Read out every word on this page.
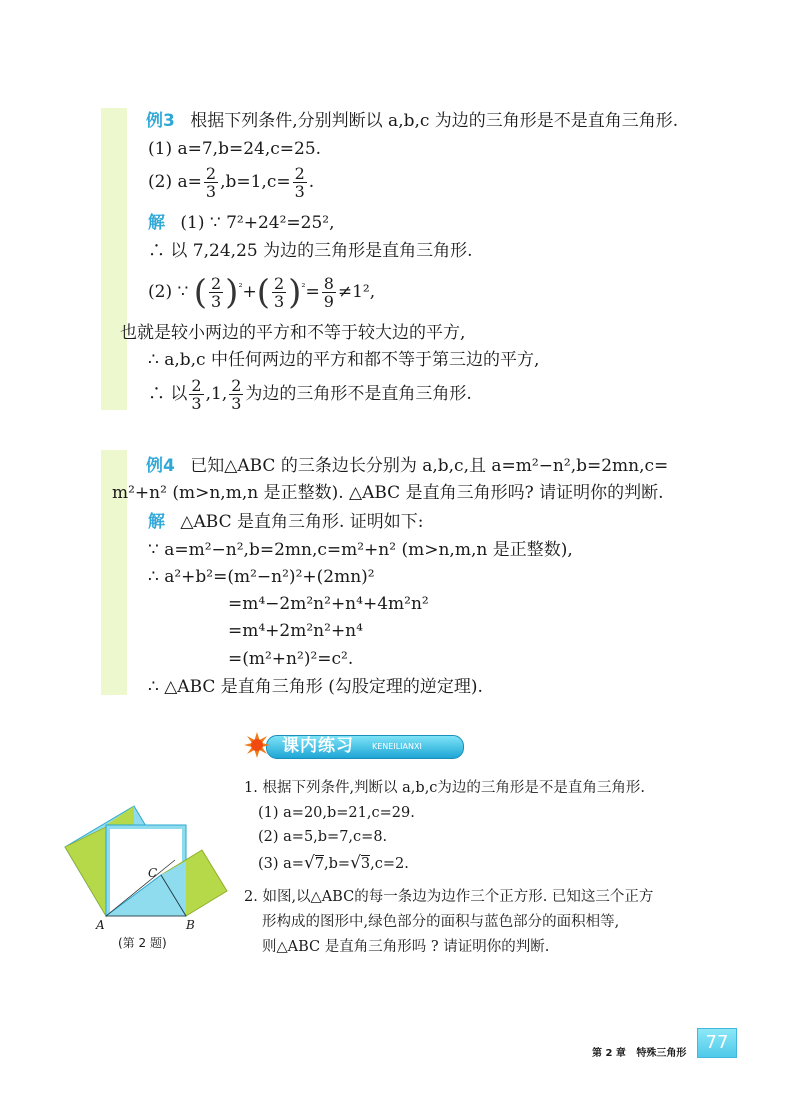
例3 根据下列条件,分别判断以 a,b,c 为边的三角形是不是直角三角形.
(1) a=7,b=24,c=25.
(2) $a= \frac{2}{3} ,b=1,c= \frac{2}{3}$ .
解 (1) ∵ 7²+24²=25²,
∴ 以 7,24,25 为边的三角形是直角三角形.
(2) ∵ ( $\frac{2}{3} )^{^2}+( \frac{2}{3} )^{^2}= \frac{8}{9} \ne 1^2$,
也就是较小两边的平方和不等于较大边的平方,
∴ a,b,c 中任何两边的平方和都不等于第三边的平方,
∴ 以 $\frac{2}{3} ,1$, $\frac{2}{3}$ 为边的三角形不是直角三角形.
例4 已知△ABC 的三条边长分别为 a,b,c,且 a=m²−n²,b=2mn,c=
m²+n² (m>n,m,n 是正整数). △ABC 是直角三角形吗? 请证明你的判断.
解 △ABC 是直角三角形. 证明如下:
∵ a=m²−n²,b=2mn,c=m²+n² (m>n,m,n 是正整数),
∴ a²+b²=(m²−n²)²+(2mn)²
=m⁴−2m²n²+n⁴+4m²n²
=m⁴+2m²n²+n⁴
=(m²+n²)²=c².
∴ △ABC 是直角三角形 (勾股定理的逆定理).
课内练习 KENEILIANXI
1. 根据下列条件,判断以 a,b,c为边的三角形是不是直角三角形.
(1) a=20,b=21,c=29.
(2) a=5,b=7,c=8.
(3) a=√7,b=√3,c=2.
2. 如图,以△ABC的每一条边为边作三个正方形. 已知这三个正方
形构成的图形中,绿色部分的面积与蓝色部分的面积相等,
则△ABC 是直角三角形吗 ? 请证明你的判断.
A	B
C
(第 2 题)
第 2 章   特殊三角形
77
